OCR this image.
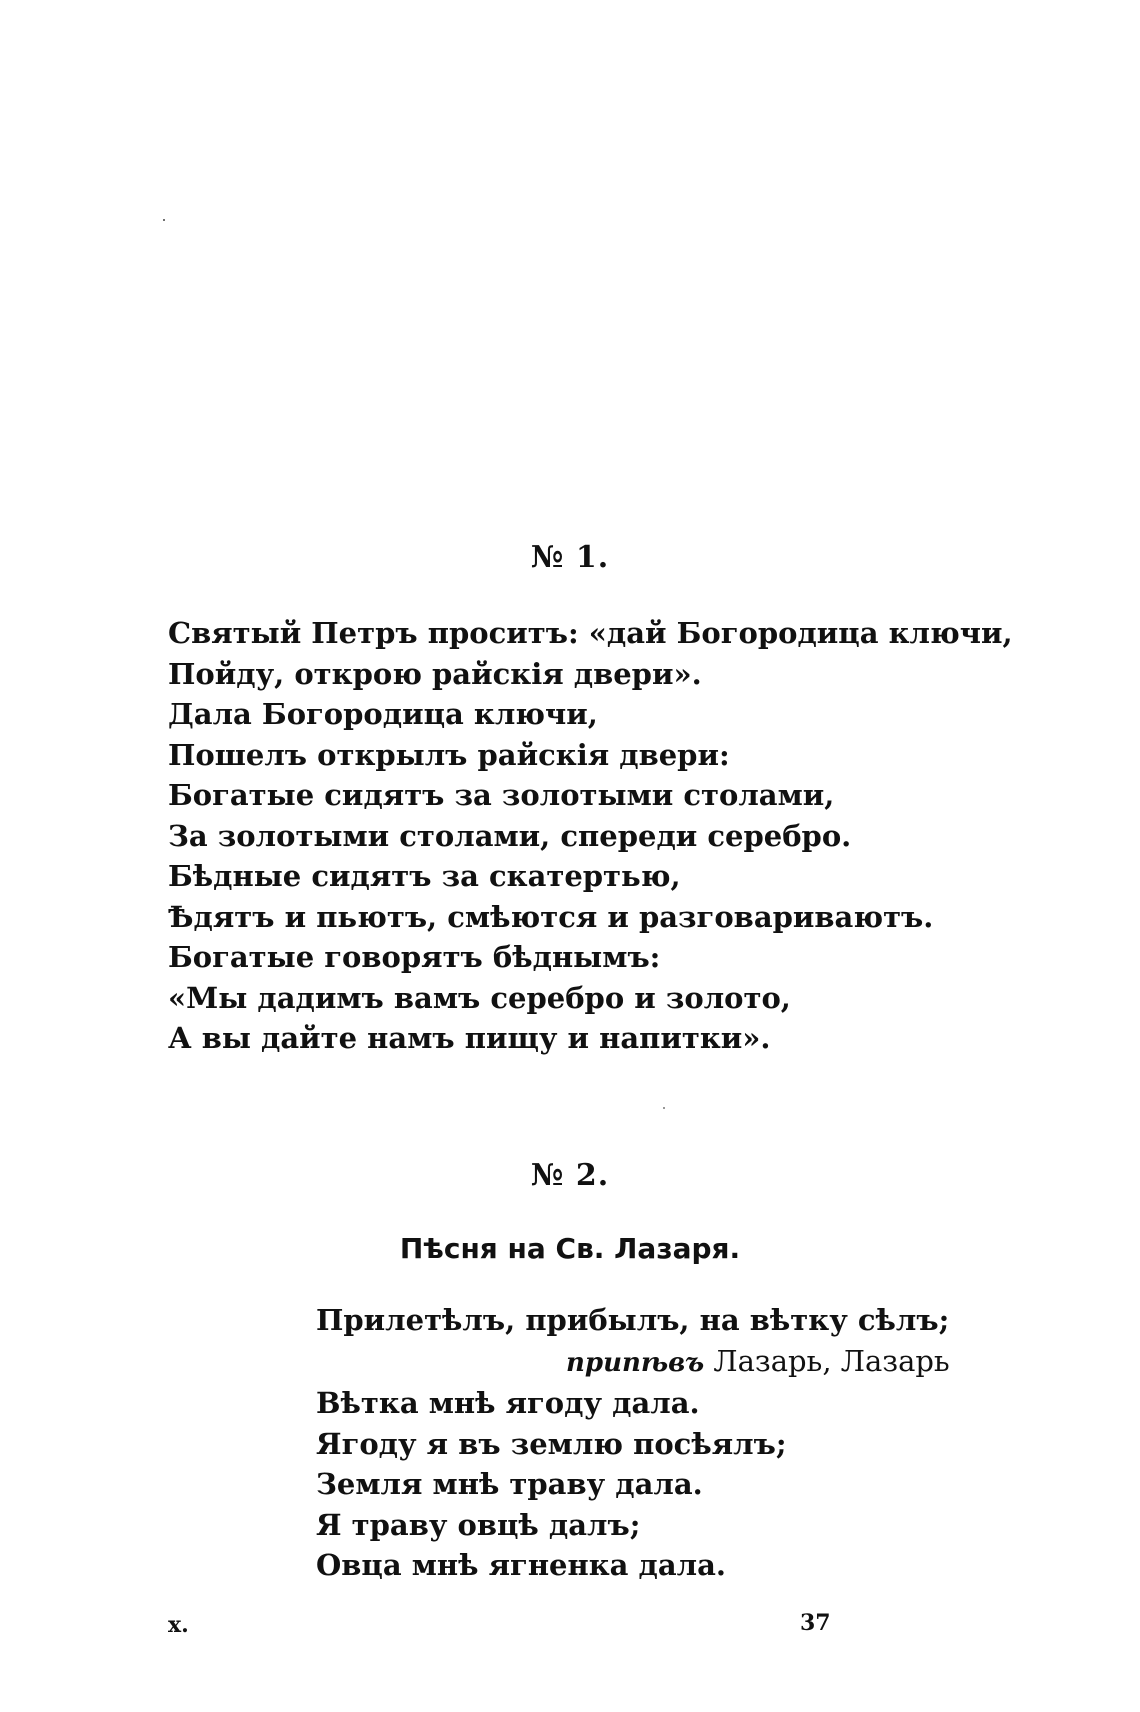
№ 1.
Святый Петръ проситъ: «дай Богородица ключи,
Пойду, открою райскія двери».
Дала Богородица ключи,
Пошелъ открылъ райскія двери:
Богатые сидятъ за золотыми столами,
За золотыми столами, спереди серебро.
Бѣдные сидятъ за скатертью,
Ѣдятъ и пьютъ, смѣются и разговариваютъ.
Богатые говорятъ бѣднымъ:
«Мы дадимъ вамъ серебро и золото,
А вы дайте намъ пищу и напитки».
№ 2.
Пѣсня на Св. Лазаря.
Прилетѣлъ, прибылъ, на вѣтку сѣлъ;
припѣвъ Лазарь, Лазарь
Вѣтка мнѣ ягоду дала.
Ягоду я въ землю посѣялъ;
Земля мнѣ траву дала.
Я траву овцѣ далъ;
Овца мнѣ ягненка дала.
x.	37
